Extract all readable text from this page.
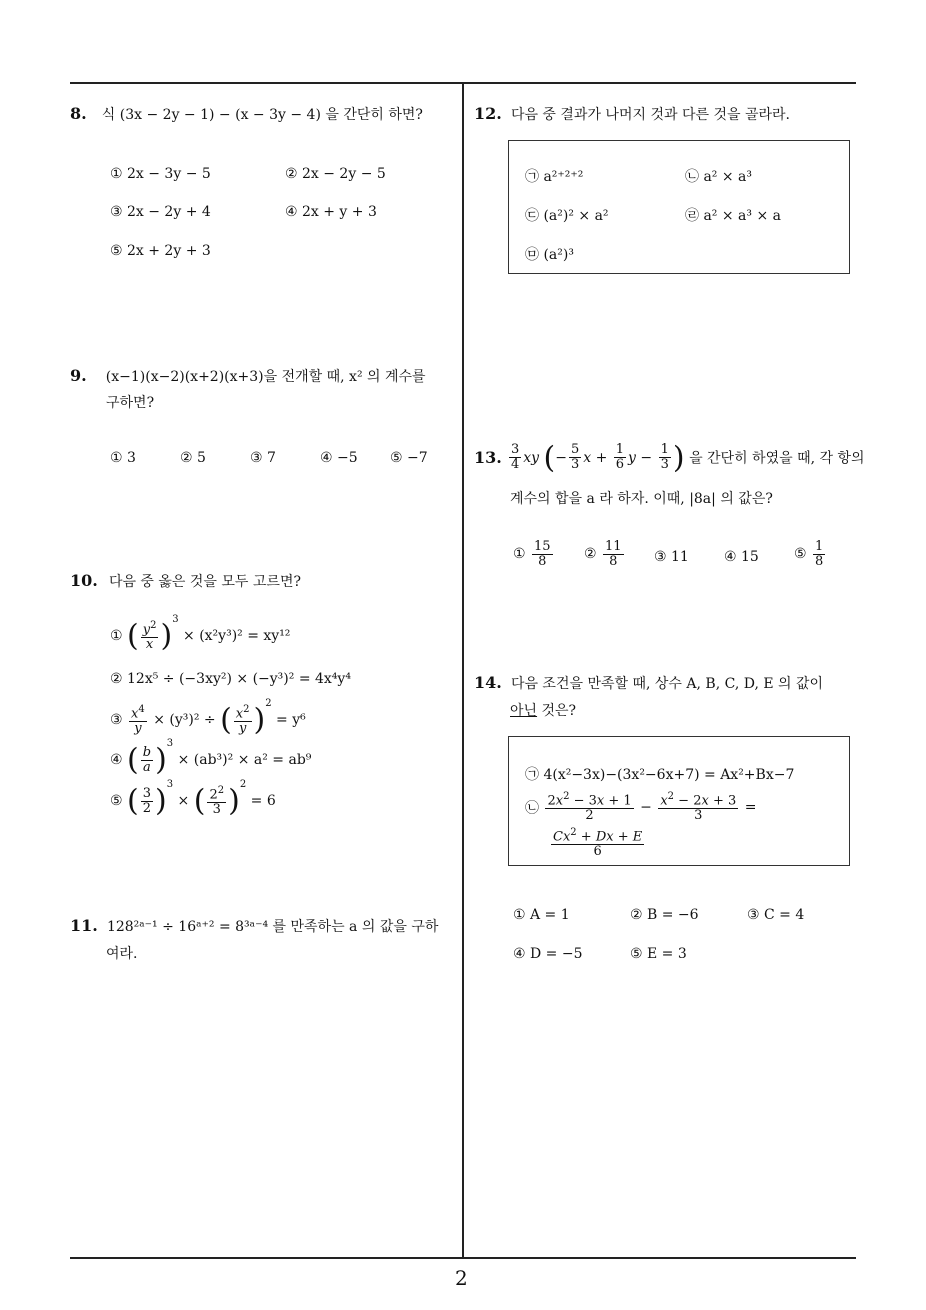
8. 식 (3x − 2y − 1) − (x − 3y − 4) 을 간단히 하면?
① 2x − 3y − 5	② 2x − 2y − 5
③ 2x − 2y + 4	④ 2x + y + 3
⑤ 2x + 2y + 3
9. (x−1)(x−2)(x+2)(x+3)을 전개할 때, x² 의 계수를
구하면?
① 3	② 5	③ 7	④ −5 ⑤ −7
10. 다음 중 옳은 것을 모두 고르면?
① ( $\frac{y^2}{x} )^3 \times (x^2y^3)^2 = xy^{12}$
② 12x⁵ ÷ (−3xy²) × (−y³)² = 4x⁴y⁴
③ $\frac{x^4}{y} \times (y^3)^2$ ÷ ( $\frac{x^2}{y} )^2 = y^6$
④ ( $\frac{b}{a} )^3 \times (ab^3)^2 \times a^2 = ab^9$
⑤ ( $\frac{3}{2} )^3$ × ( $\frac{2^2}{3} )^2 = 6$
11. 128²ᵃ⁻¹ ÷ 16ᵃ⁺² = 8³ᵃ⁻⁴ 를 만족하는 a 의 값을 구하
여라.
12. 다음 중 결과가 나머지 것과 다른 것을 골라라.
㉠ a²⁺²⁺²	㉡ a² × a³
㉢ (a²)² × a²	㉣ a² × a³ × a
㉤ (a²)³
13. $\frac{3}{4}$ xy (− $\frac{5}{3}$ $x + \frac{1}{6}$ $y - \frac{1}{3}$ ) 을 간단히 하였을 때, 각 항의
계수의 합을 a 라 하자. 이때, |8a| 의 값은?
① $\frac{15}{8}$ ② $\frac{11}{8}$ ③ 11	④ 15	⑤ $\frac{1}{8}$
14. 다음 조건을 만족할 때, 상수 A, B, C, D, E 의 값이
아닌 것은?
㉠ 4(x²−3x)−(3x²−6x+7) = Ax²+Bx−7
㉡ $\frac{2x^2 - 3x + 1}{2} - \frac{x^2 - 2x + 3}{3}$ =
$\frac{Cx^2 + Dx + E}{6}$
① A = 1	② B = −6	③ C = 4
④ D = −5	⑤ E = 3
2
